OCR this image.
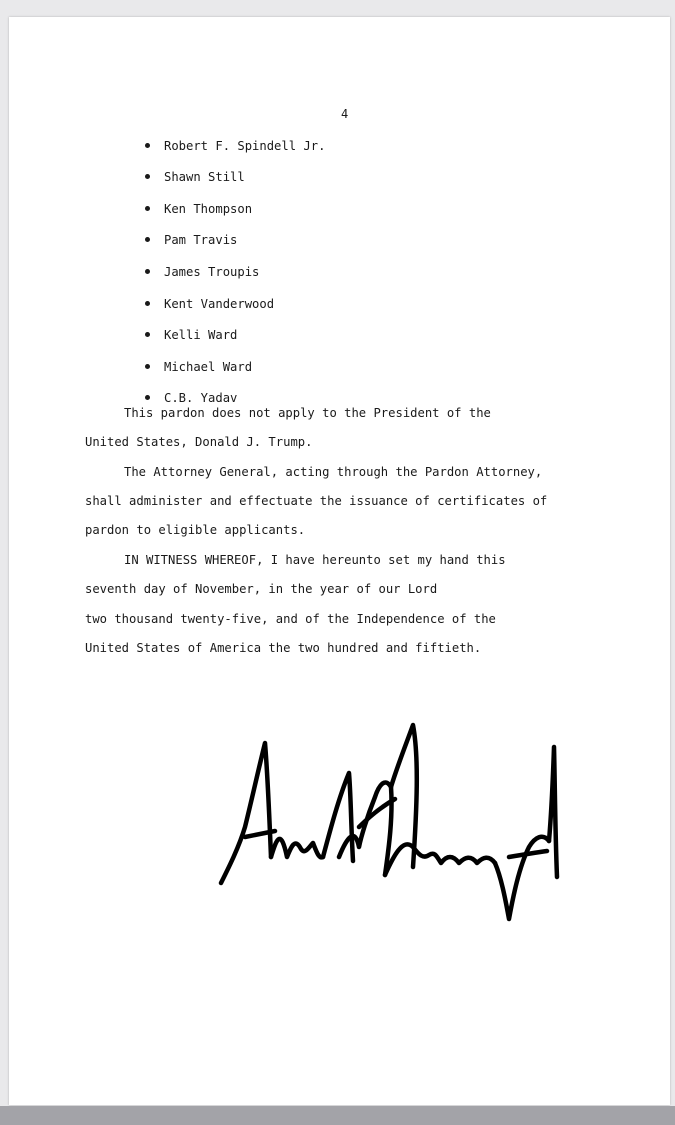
4
Robert F. Spindell Jr.
Shawn Still
Ken Thompson
Pam Travis
James Troupis
Kent Vanderwood
Kelli Ward
Michael Ward
C.B. Yadav
This pardon does not apply to the President of the
United States, Donald J. Trump.
The Attorney General, acting through the Pardon Attorney,
shall administer and effectuate the issuance of certificates of
pardon to eligible applicants.
IN WITNESS WHEREOF, I have hereunto set my hand this
seventh day of November, in the year of our Lord
two thousand twenty-five, and of the Independence of the
United States of America the two hundred and fiftieth.
